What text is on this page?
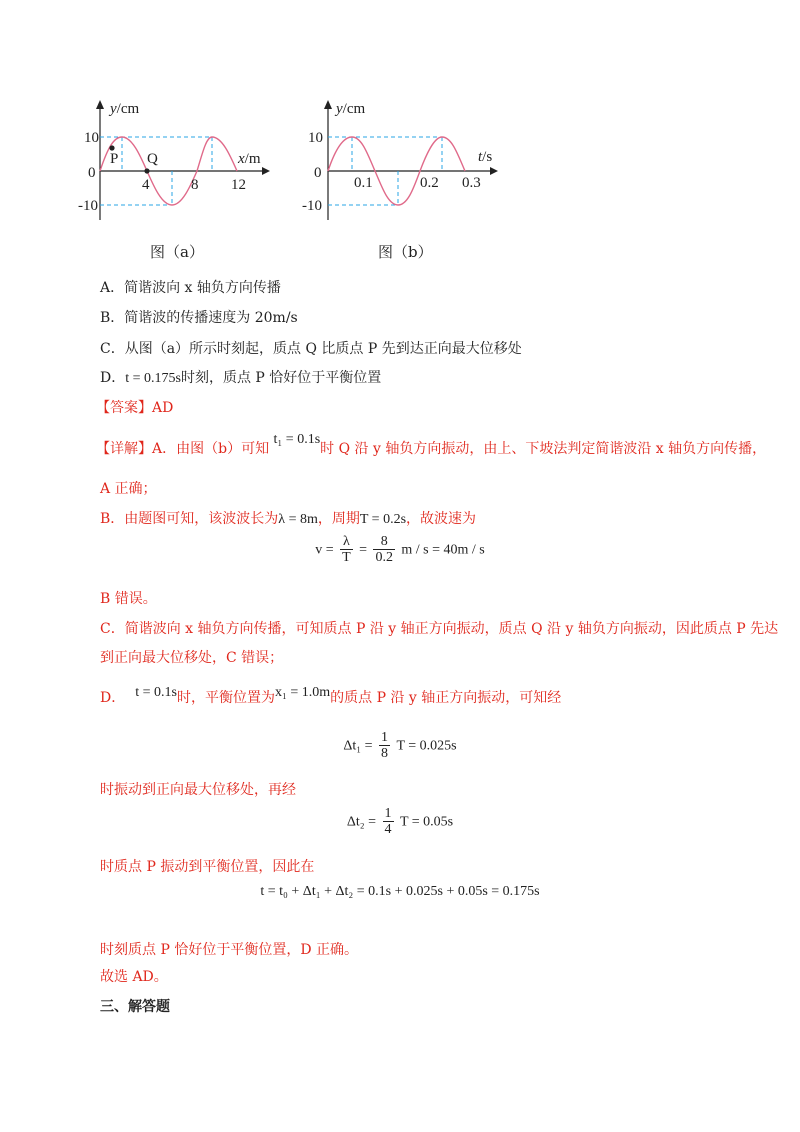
y/cm
x/m
10
0
-10
4	8 12
P Q
图（a）
y/cm
t/s
10
0
-10
0.1	0.2 0.3
图（b）
A．简谐波向 x 轴负方向传播
B．简谐波的传播速度为 20m/s
C．从图（a）所示时刻起，质点 Q 比质点 P 先到达正向最大位移处
D．t = 0.175s时刻，质点 P 恰好位于平衡位置
【答案】AD
【详解】A．由图（b）可知 t₁ = 0.1s时 Q 沿 y 轴负方向振动，由上、下坡法判定简谐波沿 x 轴负方向传播，
A 正确；
B．由题图可知，该波波长为λ = 8m，周期T = 0.2s，故波速为
$v = \frac{\lambda}{T} = \frac{8}{0.2}$ m / s = 40m / s
B 错误。
C．简谐波向 x 轴负方向传播，可知质点 P 沿 y 轴正方向振动，质点 Q 沿 y 轴负方向振动，因此质点 P 先达
到正向最大位移处，C 错误；
D． t = 0.1s时，平衡位置为x₁ = 1.0m的质点 P 沿 y 轴正方向振动，可知经
$\Delta t_1 = \frac{1}{8}$ T = 0.025s
时振动到正向最大位移处，再经
$\Delta t_2 = \frac{1}{4}$ T = 0.05s
时质点 P 振动到平衡位置，因此在
t = t₀ + Δt₁ + Δt₂ = 0.1s + 0.025s + 0.05s = 0.175s
时刻质点 P 恰好位于平衡位置，D 正确。
故选 AD。
三、解答题
